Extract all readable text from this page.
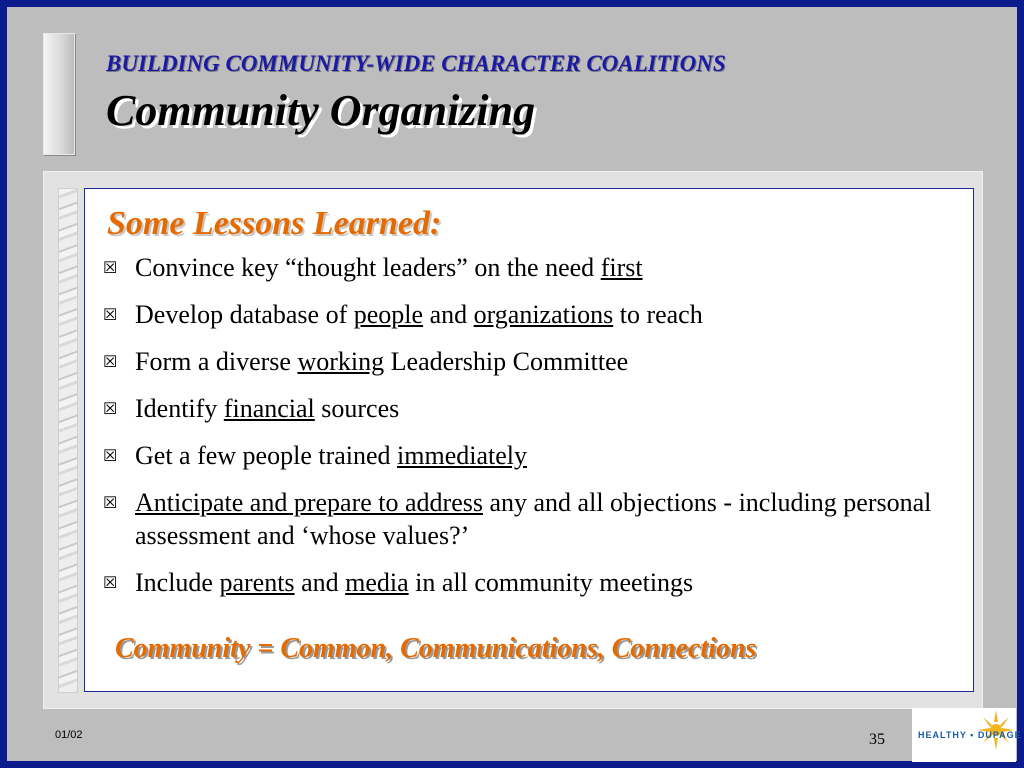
BUILDING COMMUNITY-WIDE CHARACTER COALITIONS
Community Organizing
Some Lessons Learned:
☒ Convince key “thought leaders” on the need first
☒ Develop database of people and organizations to reach
☒ Form a diverse working Leadership Committee
☒ Identify financial sources
☒ Get a few people trained immediately
☒ Anticipate and prepare to address any and all objections - including personal assessment and ‘whose values?’
☒ Include parents and media in all community meetings
Community = Common, Communications, Connections
01/02	35	HEALTHY • DUPAGE
